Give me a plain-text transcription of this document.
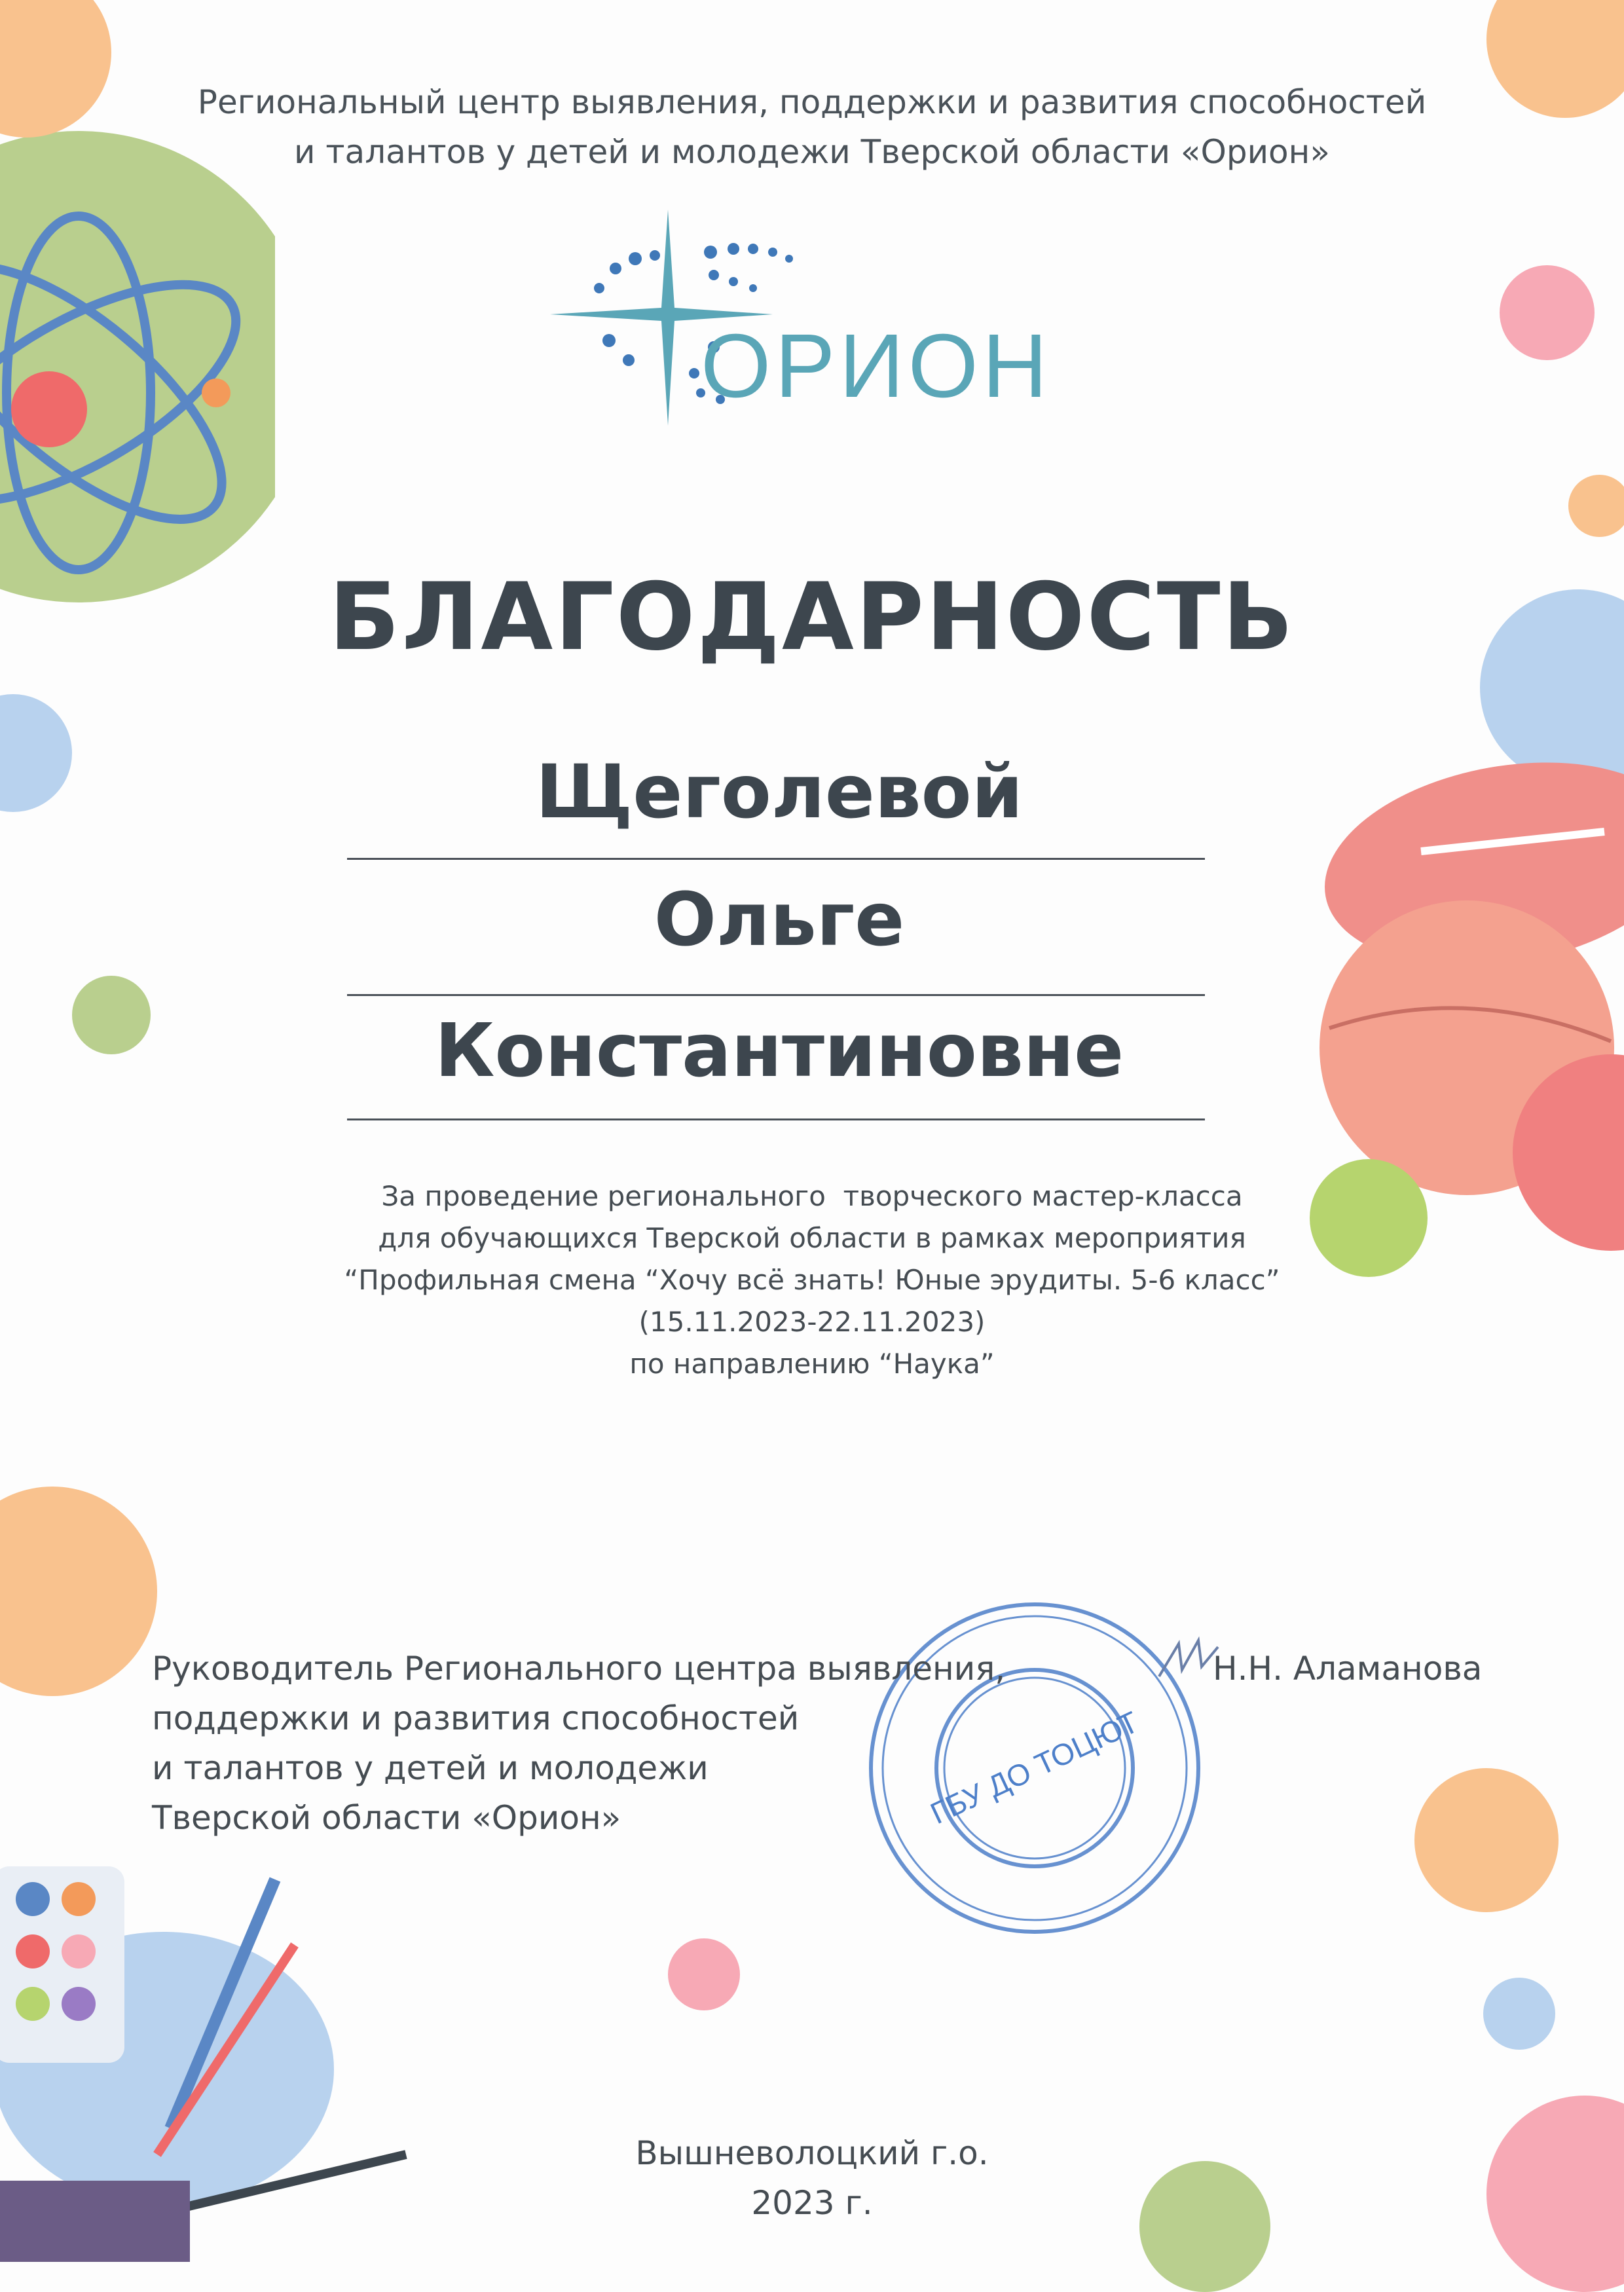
Региональный центр выявления, поддержки и развития способностей
и талантов у детей и молодежи Тверской области «Орион»
ОРИОН
БЛАГОДАРНОСТЬ
Щеголевой
Ольге
Константиновне
За проведение регионального  творческого мастер-класса
для обучающихся Тверской области в рамках мероприятия
“Профильная смена “Хочу всё знать! Юные эрудиты. 5-6 класс”
(15.11.2023-22.11.2023)
по направлению “Наука”
ГБУ ДО ТОЦЮТ
Руководитель Регионального центра выявления,
поддержки и развития способностей
и талантов у детей и молодежи
Тверской области «Орион»
Н.Н. Аламанова
Вышневолоцкий г.о.
2023 г.
